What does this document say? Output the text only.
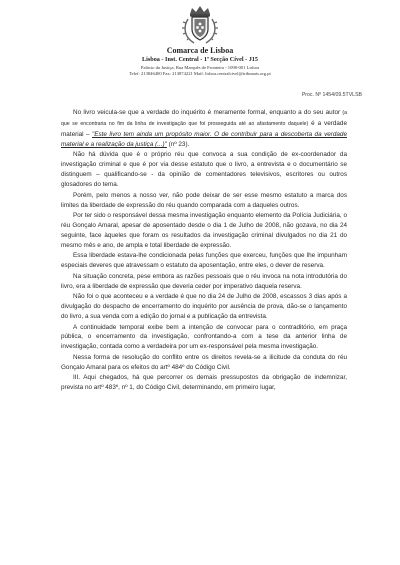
Comarca de Lisboa
Lisboa - Inst. Central - 1ª Secção Cível - J15
Palácio da Justiça, Rua Marquês de Fronteira - 1098-001 Lisboa
Telef: 213846400 Fax: 213874221 Mail: lisboa.centralcivel@tribunais.org.pt
Proc. Nº 1454/09.5TVLSB

No livro veicula-se que a verdade do inquérito é meramente formal, enquanto a do seu autor (a que se encontraria no fim da linha de investigação que foi prosseguida até ao afastamento daquele) é a verdade material – "Este livro tem ainda um propósito maior. O de contribuir para a descoberta da verdade material e a realização da justiça (...)" (nº 23).

Não há dúvida que é o próprio réu que convoca a sua condição de ex-coordenador da investigação criminal e que é por via desse estatuto que o livro, a entrevista e o documentário se distinguem – qualificando-se - da opinião de comentadores televisivos, escritores ou outros glosadores do tema.

Porém, pelo menos a nosso ver, não pode deixar de ser esse mesmo estatuto a marca dos limites da liberdade de expressão do réu quando comparada com a daqueles outros.

Por ter sido o responsável dessa mesma investigação enquanto elemento da Polícia Judiciária, o réu Gonçalo Amaral, apesar de aposentado desde o dia 1 de Julho de 2008, não gozava, no dia 24 seguinte, face àqueles que foram os resultados da investigação criminal divulgados no dia 21 do mesmo mês e ano, de ampla e total liberdade de expressão.

Essa liberdade estava-lhe condicionada pelas funções que exerceu, funções que lhe impunham especiais deveres que atravessam o estatuto da aposentação, entre eles, o dever de reserva.

Na situação concreta, pese embora as razões pessoais que o réu invoca na nota introdutória do livro, era a liberdade de expressão que deveria ceder por imperativo daquela reserva.

Não foi o que aconteceu e a verdade é que no dia 24 de Julho de 2008, escassos 3 dias após a divulgação do despacho de encerramento do inquérito por ausência de prova, dão-se o lançamento do livro, a sua venda com a edição do jornal e a publicação da entrevista.

A continuidade temporal exibe bem a intenção de convocar para o contraditório, em praça pública, o encerramento da investigação, confrontando-a com a tese da anterior linha de investigação, contada como a verdadeira por um ex-responsável pela mesma investigação.

Nessa forma de resolução do conflito entre os direitos revela-se a ilicitude da conduta do réu Gonçalo Amaral para os efeitos do artº 484º do Código Civil.

III. Aqui chegados, há que percorrer os demais pressupostos da obrigação de indemnizar, prevista no artº 483º, nº 1, do Código Civil, determinando, em primeiro lugar,
